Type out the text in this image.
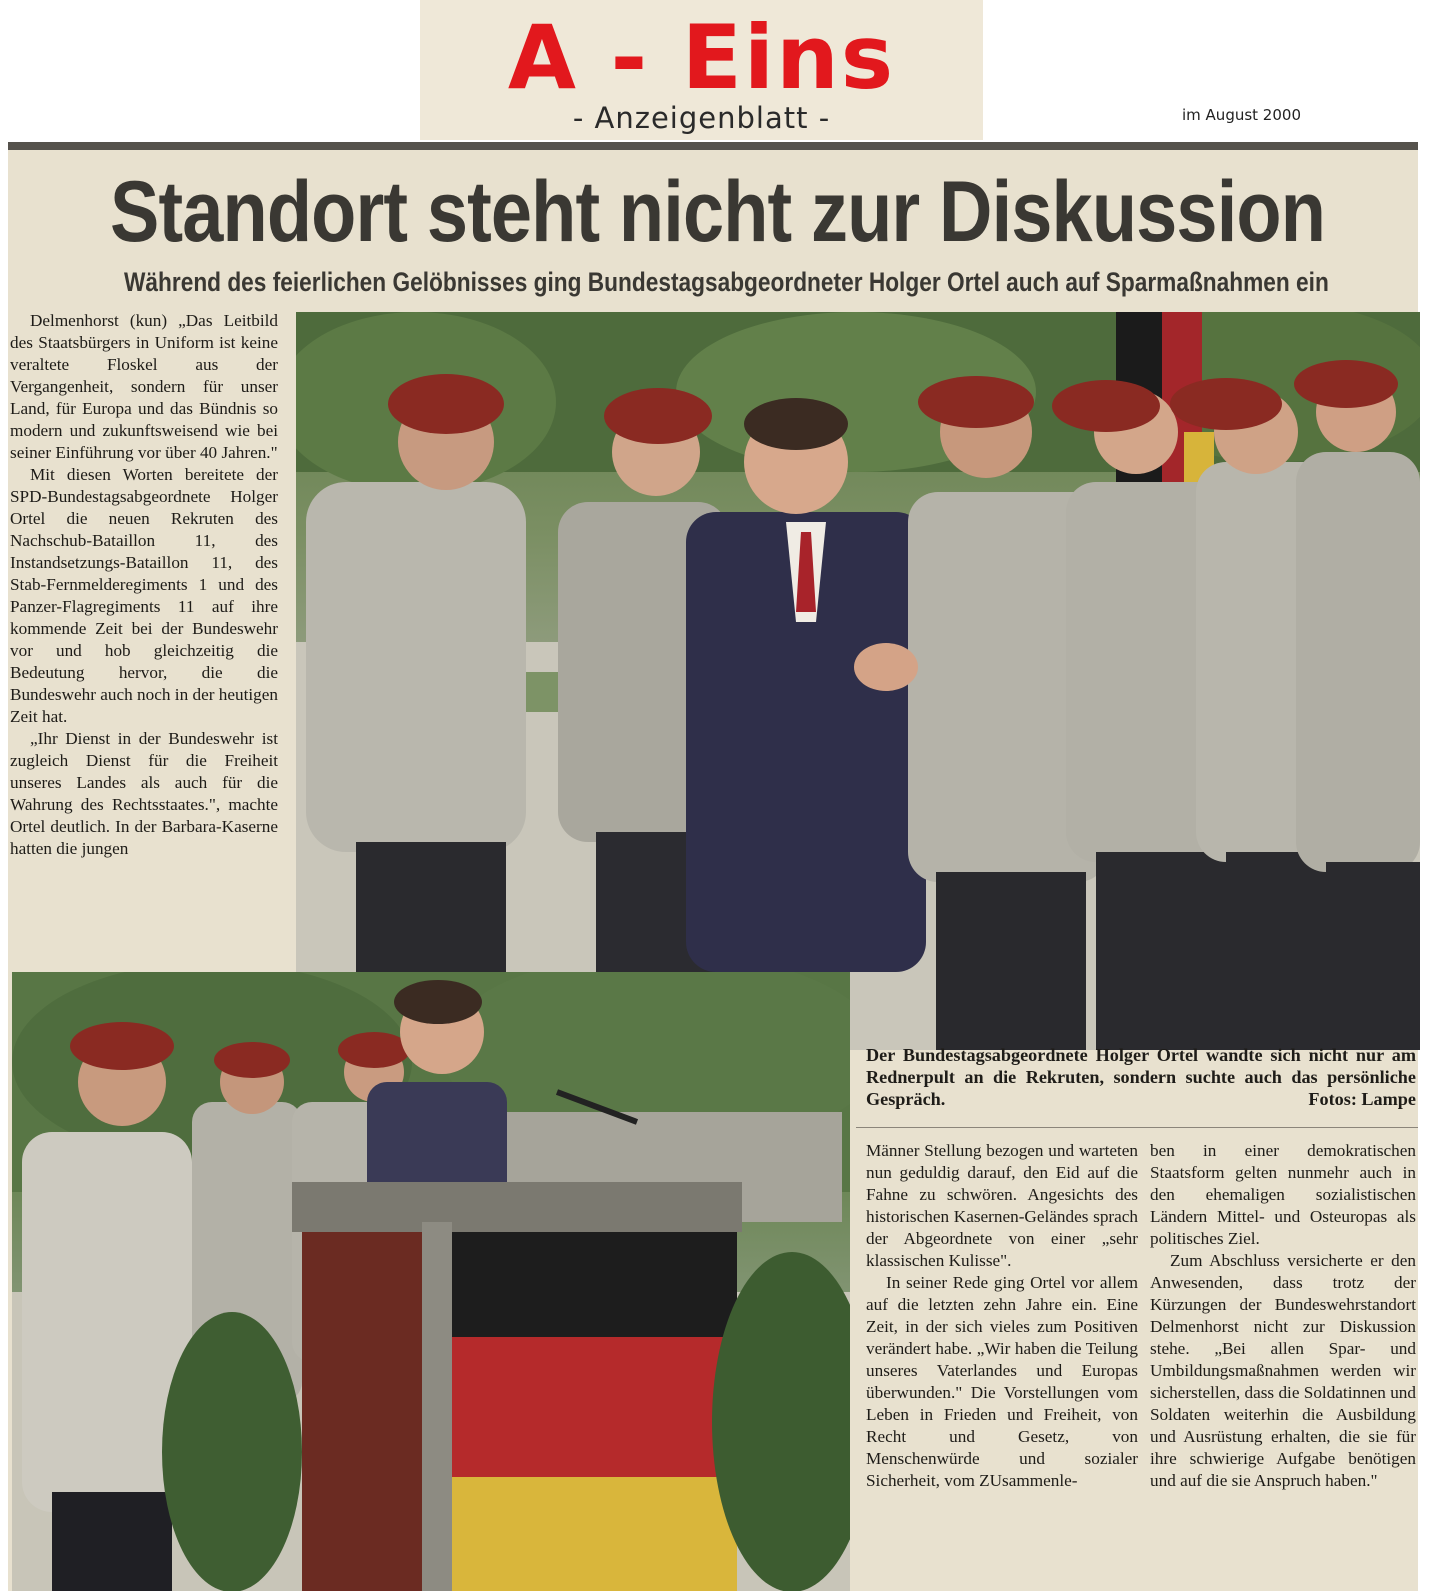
A - Eins
- Anzeigenblatt -	im August 2000
Standort steht nicht zur Diskussion
Während des feierlichen Gelöbnisses ging Bundestagsabgeordneter Holger Ortel auch auf Sparmaßnahmen ein

Delmenhorst (kun) „Das Leitbild des Staatsbürgers in Uniform ist keine veraltete Floskel aus der Vergangenheit, sondern für unser Land, für Europa und das Bündnis so modern und zukunftsweisend wie bei seiner Einführung vor über 40 Jahren."

Mit diesen Worten bereitete der SPD-Bundestagsabgeordnete Holger Ortel die neuen Rekruten des Nachschub-Bataillon 11, des Instandsetzungs-Bataillon 11, des Stab-Fernmelderegiments 1 und des Panzer-Flagregiments 11 auf ihre kommende Zeit bei der Bundeswehr vor und hob gleichzeitig die Bedeutung hervor, die die Bundeswehr auch noch in der heutigen Zeit hat.

„Ihr Dienst in der Bundeswehr ist zugleich Dienst für die Freiheit unseres Landes als auch für die Wahrung des Rechtsstaates.", machte Ortel deutlich. In der Barbara-Kaserne hatten die jungen

Der Bundestagsabgeordnete Holger Ortel wandte sich nicht nur am Rednerpult an die Rekruten, sondern suchte auch das persönliche Gespräch.	Fotos: Lampe

Männer Stellung bezogen und warteten nun geduldig darauf, den Eid auf die Fahne zu schwören. Angesichts des historischen Kasernen-Geländes sprach der Abgeordnete von einer „sehr klassischen Kulisse".

In seiner Rede ging Ortel vor allem auf die letzten zehn Jahre ein. Eine Zeit, in der sich vieles zum Positiven verändert habe. „Wir haben die Teilung unseres Vaterlandes und Europas überwunden." Die Vorstellungen vom Leben in Frieden und Freiheit, von Recht und Gesetz, von Menschenwürde und sozialer Sicherheit, vom ZUsammenle-

ben in einer demokratischen Staatsform gelten nunmehr auch in den ehemaligen sozialistischen Ländern Mittel- und Osteuropas als politisches Ziel.

Zum Abschluss versicherte er den Anwesenden, dass trotz der Kürzungen der Bundeswehrstandort Delmenhorst nicht zur Diskussion stehe. „Bei allen Spar- und Umbildungsmaßnahmen werden wir sicherstellen, dass die Soldatinnen und Soldaten weiterhin die Ausbildung und Ausrüstung erhalten, die sie für ihre schwierige Aufgabe benötigen und auf die sie Anspruch haben."
